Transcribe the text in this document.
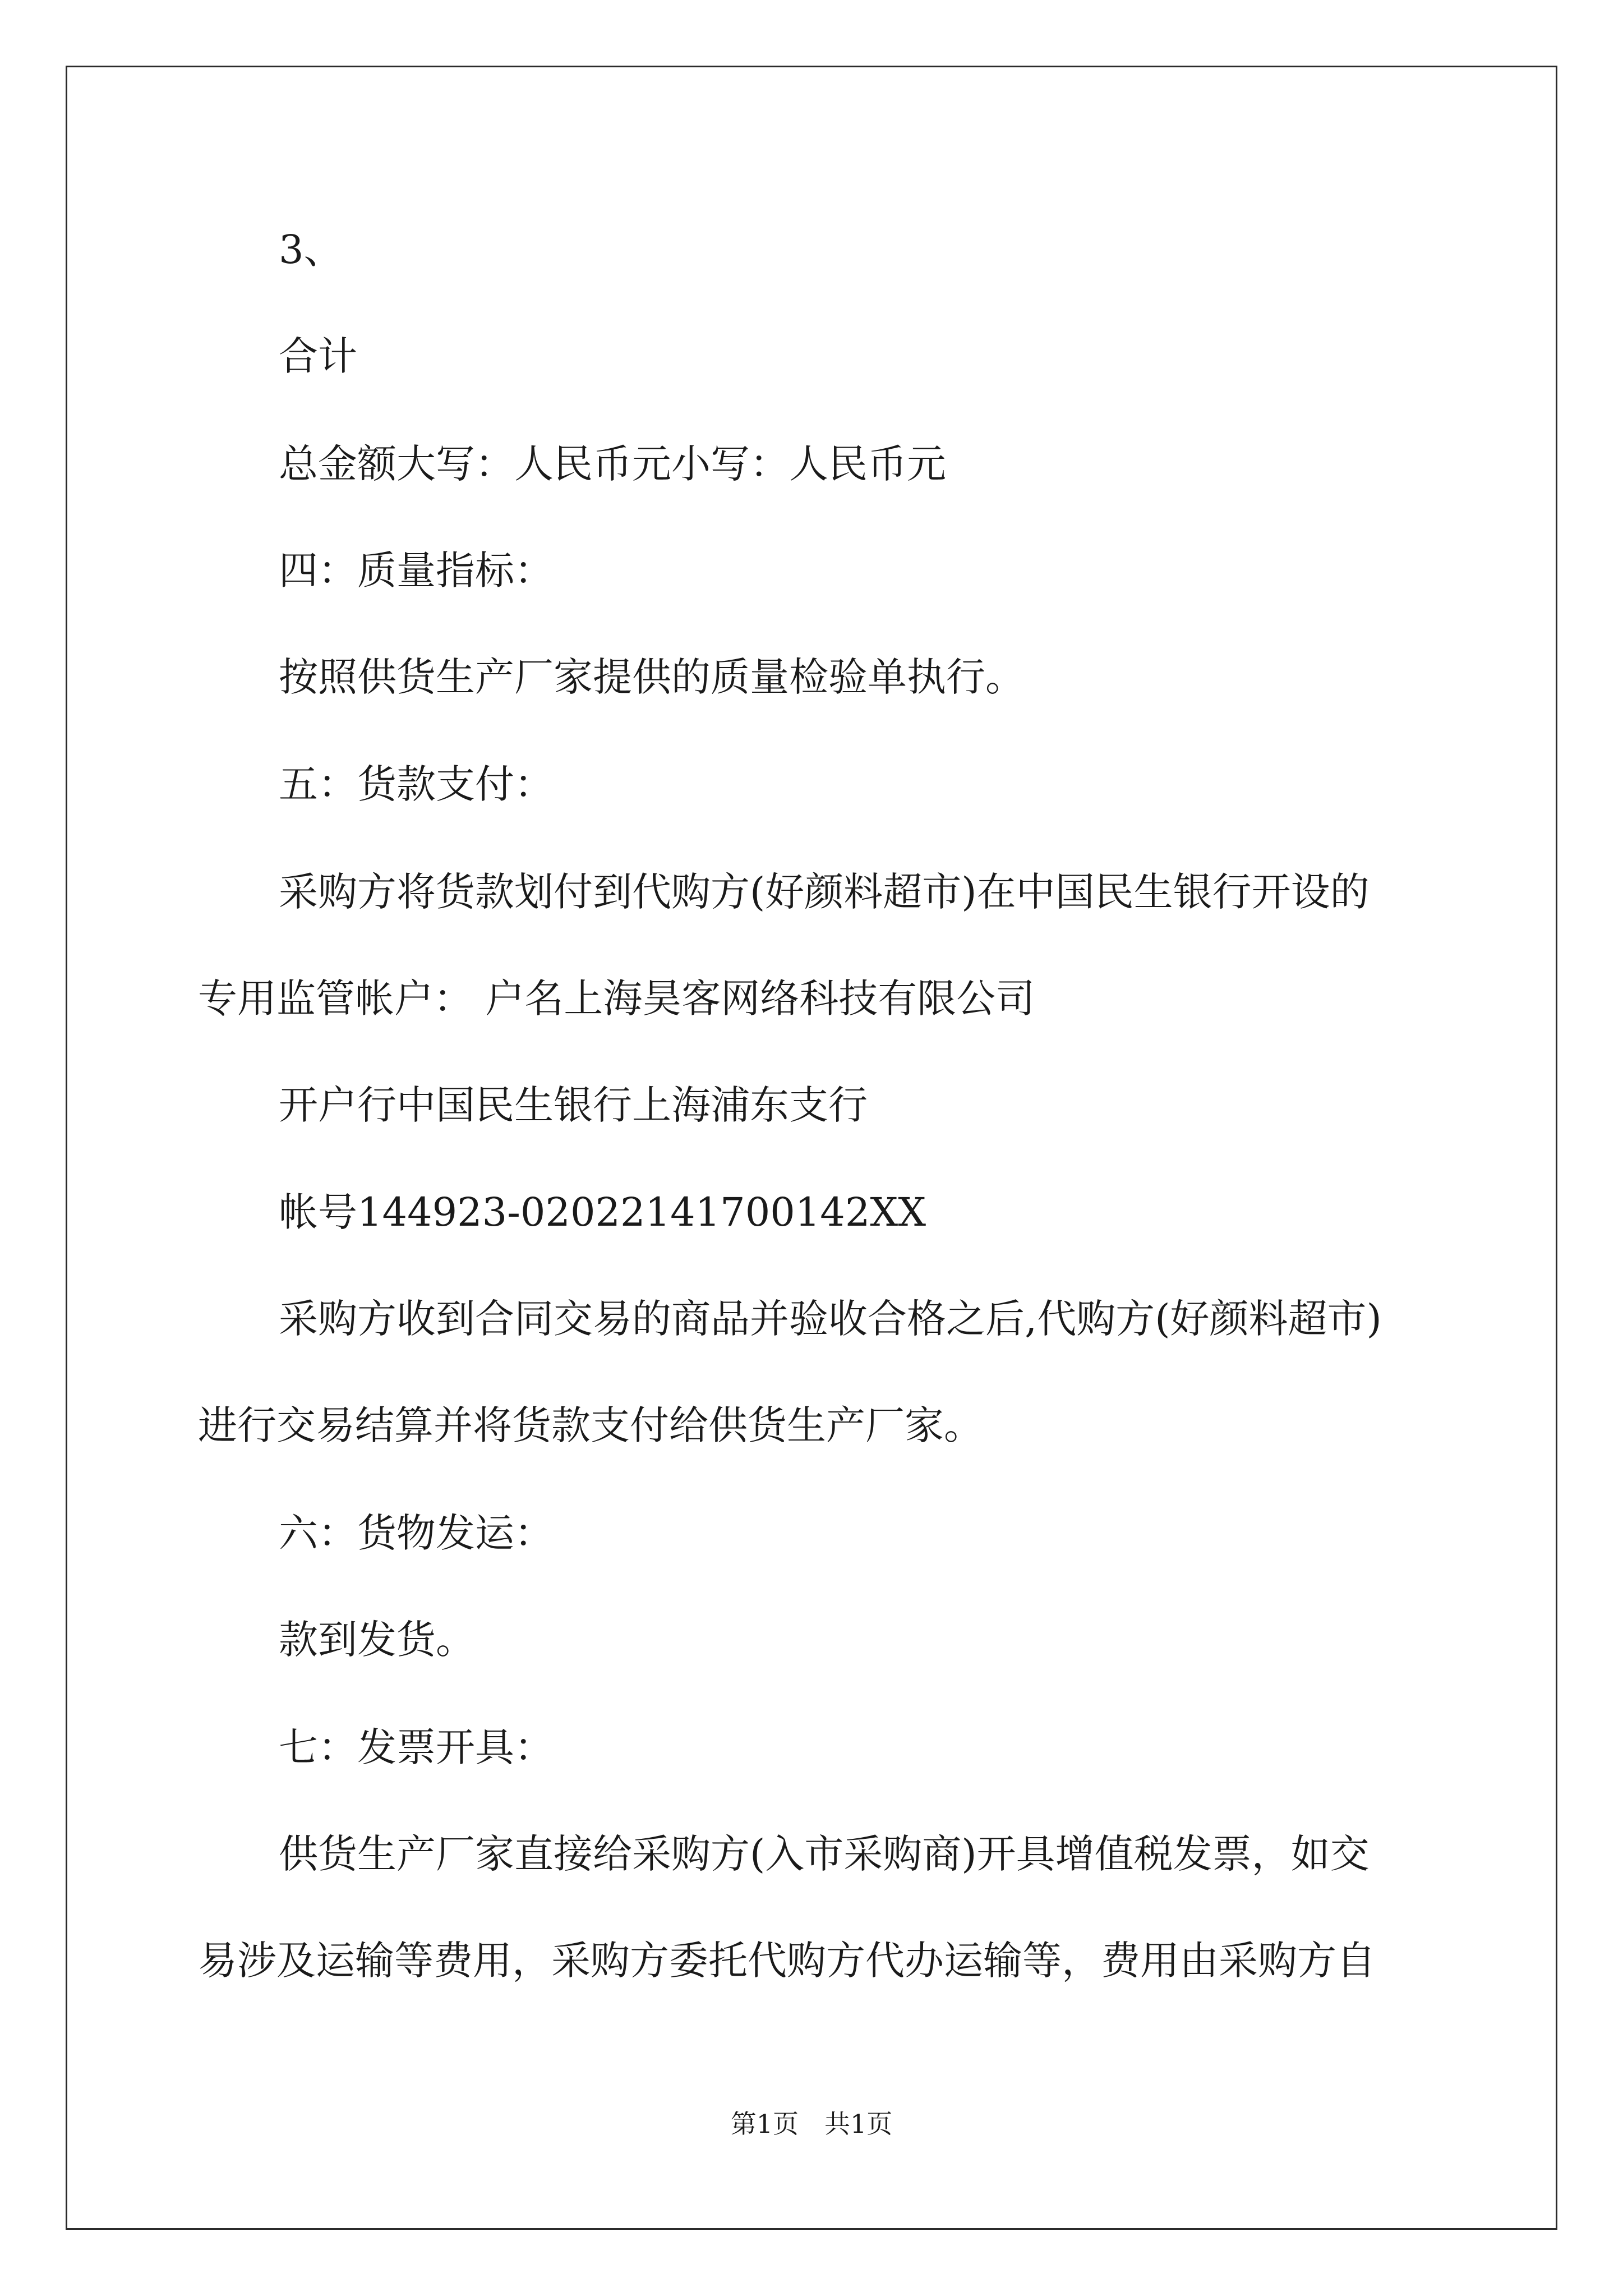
3、
合计
总金额大写：人民币元小写：人民币元
四：质量指标：
按照供货生产厂家提供的质量检验单执行。
五：货款支付：
采购方将货款划付到代购方(好颜料超市)在中国民生银行开设的
专用监管帐户： 户名上海昊客网络科技有限公司
开户行中国民生银行上海浦东支行
帐号144923-02022141700142XX
采购方收到合同交易的商品并验收合格之后,代购方(好颜料超市)
进行交易结算并将货款支付给供货生产厂家。
六：货物发运：
款到发货。
七：发票开具：
供货生产厂家直接给采购方(入市采购商)开具增值税发票，如交
易涉及运输等费用，采购方委托代购方代办运输等，费用由采购方自
第1页　共1页
